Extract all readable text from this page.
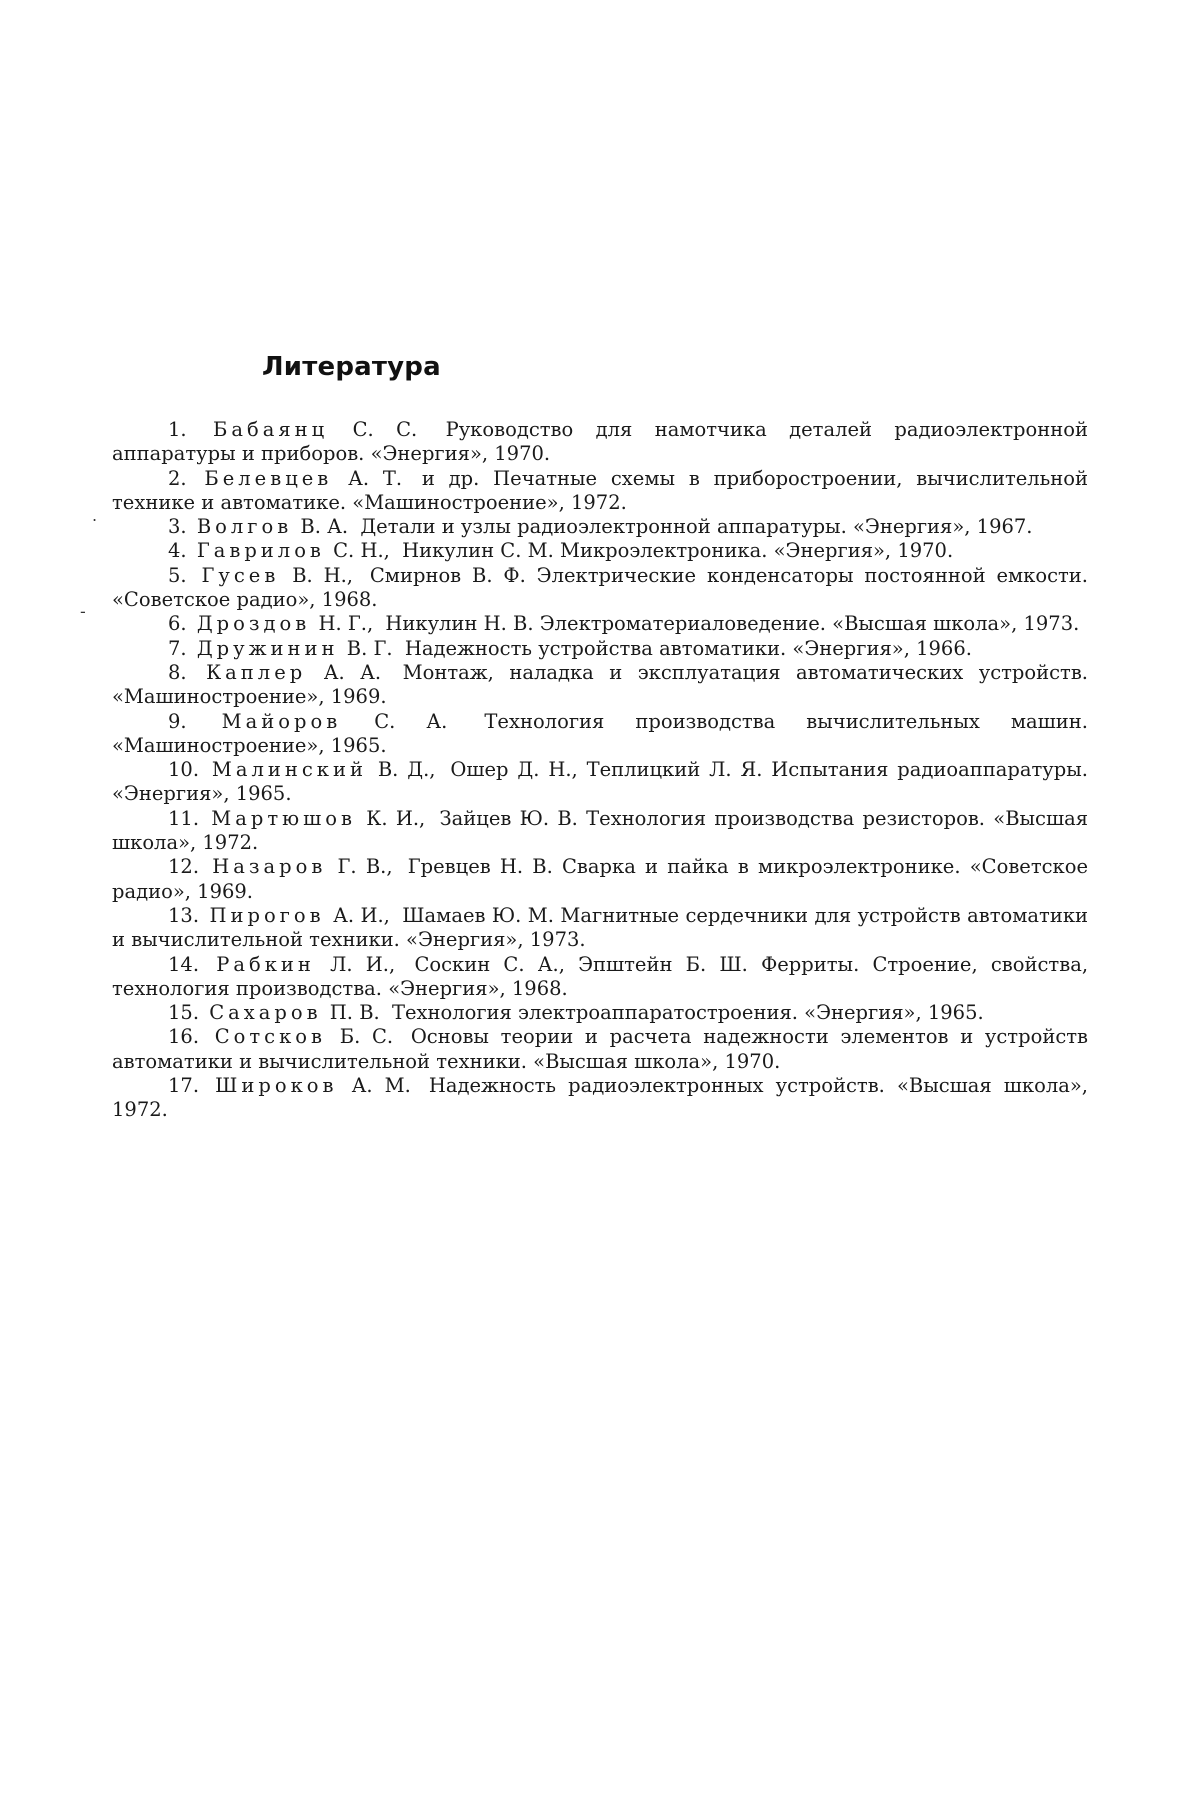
Литература
.
-
1. Бабаянц С. С. Руководство для намотчика деталей радиоэлектронной аппаратуры и приборов. «Энергия», 1970.
2. Белевцев А. Т. и др. Печатные схемы в приборостроении, вычислительной технике и автоматике. «Машиностроение», 1972.
3. Волгов В. А. Детали и узлы радиоэлектронной аппаратуры. «Энергия», 1967.
4. Гаврилов С. Н., Никулин С. М. Микроэлектроника. «Энергия», 1970.
5. Гусев В. Н., Смирнов В. Ф. Электрические конденсаторы постоянной емкости. «Советское радио», 1968.
6. Дроздов Н. Г., Никулин Н. В. Электроматериаловедение. «Высшая школа», 1973.
7. Дружинин В. Г. Надежность устройства автоматики. «Энергия», 1966.
8. Каплер А. А. Монтаж, наладка и эксплуатация автоматических устройств. «Машиностроение», 1969.
9. Майоров С. А. Технология производства вычислительных машин. «Машиностроение», 1965.
10. Малинский В. Д., Ошер Д. Н., Теплицкий Л. Я. Испытания радиоаппаратуры. «Энергия», 1965.
11. Мартюшов К. И., Зайцев Ю. В. Технология производства резисторов. «Высшая школа», 1972.
12. Назаров Г. В., Гревцев Н. В. Сварка и пайка в микроэлектронике. «Советское радио», 1969.
13. Пирогов А. И., Шамаев Ю. М. Магнитные сердечники для устройств автоматики и вычислительной техники. «Энергия», 1973.
14. Рабкин Л. И., Соскин С. А., Эпштейн Б. Ш. Ферриты. Строение, свойства, технология производства. «Энергия», 1968.
15. Сахаров П. В. Технология электроаппаратостроения. «Энергия», 1965.
16. Сотсков Б. С. Основы теории и расчета надежности элементов и устройств автоматики и вычислительной техники. «Высшая школа», 1970.
17. Широков А. М. Надежность радиоэлектронных устройств. «Высшая школа», 1972.
